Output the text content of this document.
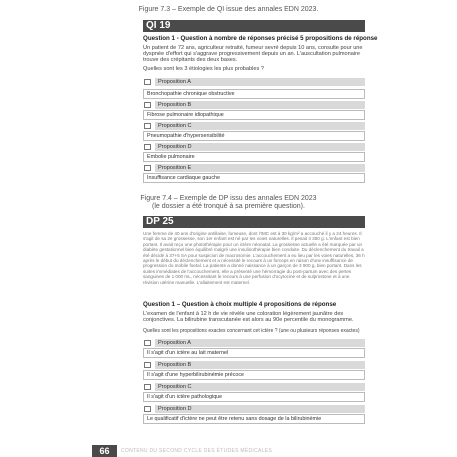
Figure 7.3 – Exemple de QI issue des annales EDN 2023.
QI 19
Question 1 - Question à nombre de réponses précisé 5 propositions de réponse
Un patient de 72 ans, agriculteur retraité, fumeur sevré depuis 10 ans, consulte pour une dyspnée d'effort qui s'aggrave progressivement depuis un an. L'auscultation pulmonaire trouve des crépitants des deux bases.
Quelles sont les 3 étiologies les plus probables ?
Proposition A
Bronchopathie chronique obstructive
Proposition B
Fibrose pulmonaire idiopathique
Proposition C
Pneumopathie d'hypersensibilité
Proposition D
Embolie pulmonaire
Proposition E
Insuffisance cardiaque gauche
Figure 7.4 – Exemple de DP issu des annales EDN 2023
(le dossier a été tronqué à sa première question).
DP 25
Une femme de 40 ans d'origine antillaise, fumeuse, dont l'IMC est à 30 kg/m² a accouché il y a 24 heures. Il s'agit de sa 2e grossesse, son 1er enfant est né par les voies naturelles. Il pesait 4 350 g. L'enfant est bien portant. Il avait reçu une photothérapie pour un ictère néonatal. La grossesse actuelle a été marquée par un diabète gestationnel bien équilibré malgré une insulinothérapie bien conduite. Du déclenchement du travail a été décidé à 37+5 SA pour suspicion de macrosomie. L'accouchement a eu lieu par les voies naturelles, 36 h après le début du déclenchement et a nécessité le recours à un forceps en raison d'une insuffisance de progression du mobile foetal. La patiente a donné naissance à un garçon de 3 900 g, bien portant. Dans les suites immédiates de l'accouchement, elle a présenté une hémorragie du post-partum avec des pertes sanguines de 1 000 mL, nécessitant le recours à une perfusion d'ocytocine et de sulprostone et à une révision utérine manuelle. L'allaitement est maternel.
Question 1 – Question à choix multiple 4 propositions de réponse
L'examen de l'enfant à 12 h de vie révèle une coloration légèrement jaunâtre des conjonctives. La bilirubine transcutanée est alors au 90e percentile du monogramme.
Quelles sont les propositions exactes concernant cet ictère ? (une ou plusieurs réponses exactes)
Proposition A
Il s'agit d'un ictère au lait maternel
Proposition B
Il s'agit d'une hyperbilirubinémie précoce
Proposition C
Il s'agit d'un ictère pathologique
Proposition D
Le qualificatif d'ictère ne peut être retenu sans dosage de la bilirubinémie
66	CONTENU DU SECOND CYCLE DES ÉTUDES MÉDICALES
